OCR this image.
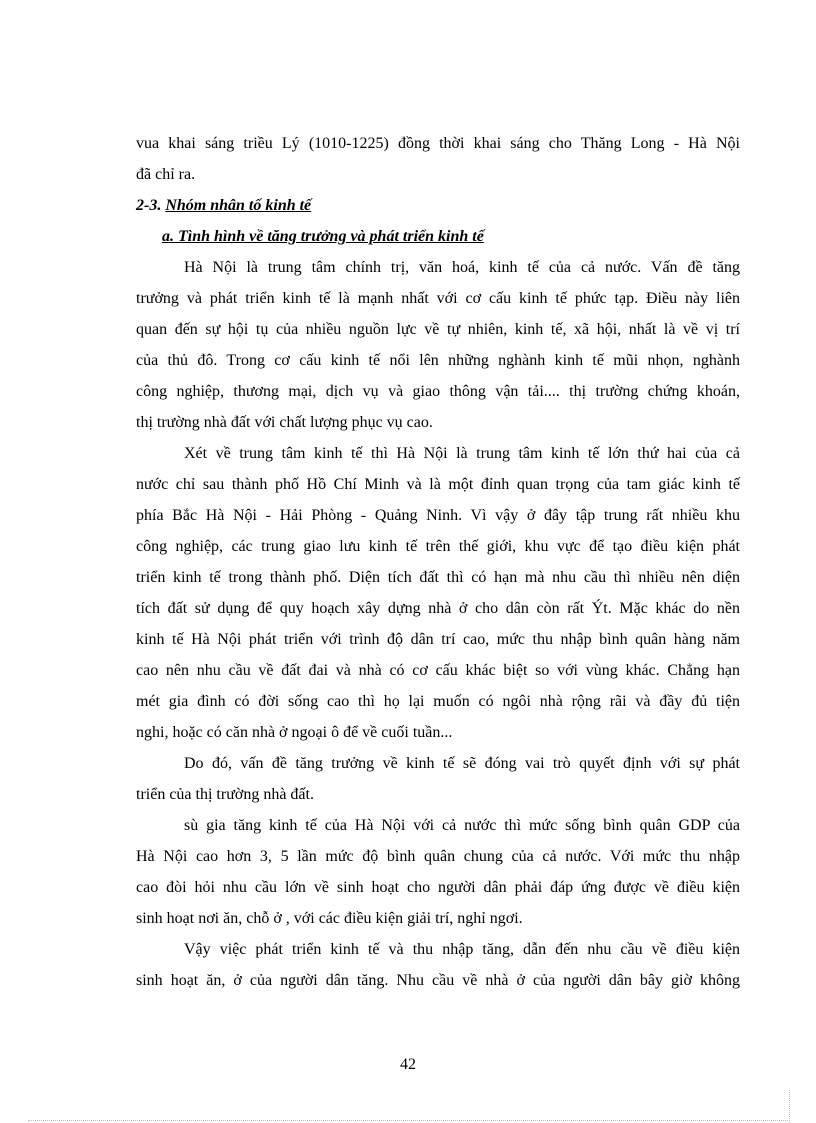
vua khai sáng triều Lý (1010-1225) đồng thời khai sáng cho Thăng Long - Hà Nội
đã chỉ ra.
2-3. Nhóm nhân tố kinh tế
a. Tình hình về tăng trưởng và phát triển kinh tế
Hà Nội là trung tâm chính trị, văn hoá, kinh tế của cả nước. Vấn đề tăng
trưởng và phát triển kinh tế là mạnh nhất với cơ cấu kinh tế phức tạp. Điều này liên
quan đến sự hội tụ của nhiều nguồn lực về tự nhiên, kinh tế, xã hội, nhất là về vị trí
của thủ đô. Trong cơ cấu kinh tế nổi lên những nghành kinh tế mũi nhọn, nghành
công nghiệp, thương mại, dịch vụ và giao thông vận tải.... thị trường chứng khoán,
thị trường nhà đất với chất lượng phục vụ cao.
Xét về trung tâm kinh tế thì Hà Nội là trung tâm kinh tế lớn thứ hai của cả
nước chỉ sau thành phố Hồ Chí Minh và là một đỉnh quan trọng của tam giác kinh tế
phía Bắc Hà Nội - Hải Phòng - Quảng Ninh. Vì vậy ở đây tập trung rất nhiều khu
công nghiệp, các trung giao lưu kinh tế trên thế giới, khu vực để tạo điều kiện phát
triển kinh tế trong thành phố. Diện tích đất thì có hạn mà nhu cầu thì nhiều nên diện
tích đất sử dụng để quy hoạch xây dựng nhà ở cho dân còn rất Ýt. Mặc khác do nền
kinh tế Hà Nội phát triển với trình độ dân trí cao, mức thu nhập bình quân hàng năm
cao nên nhu cầu về đất đai và nhà có cơ cấu khác biệt so với vùng khác. Chẳng hạn
mét gia đình có đời sống cao thì họ lại muốn có ngôi nhà rộng rãi và đầy đủ tiện
nghi, hoặc có căn nhà ở ngoại ô để về cuối tuần...
Do đó, vấn đề tăng trưởng về kinh tế sẽ đóng vai trò quyết định với sự phát
triển của thị trường nhà đất.
sù gia tăng kinh tế của Hà Nội với cả nước thì mức sống bình quân GDP của
Hà Nội cao hơn 3, 5 lần mức độ bình quân chung của cả nước. Với mức thu nhập
cao đòi hỏi nhu cầu lớn về sinh hoạt cho người dân phải đáp ứng được về điều kiện
sinh hoạt nơi ăn, chỗ ở , với các điều kiện giải trí, nghỉ ngơi.
Vậy việc phát triển kinh tế và thu nhập tăng, dẫn đến nhu cầu về điều kiện
sinh hoạt ăn, ở của người dân tăng. Nhu cầu về nhà ở của người dân bây giờ không
42
